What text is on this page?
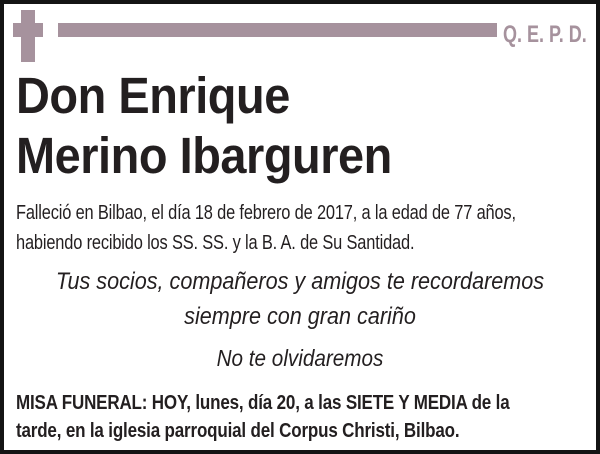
Q. E. P. D.
Don Enrique
Merino Ibarguren
Falleció en Bilbao, el día 18 de febrero de 2017, a la edad de 77 años,
habiendo recibido los SS. SS. y la B. A. de Su Santidad.
Tus socios, compañeros y amigos te recordaremos
siempre con gran cariño
No te olvidaremos
MISA FUNERAL: HOY, lunes, día 20, a las SIETE Y MEDIA de la
tarde, en la iglesia parroquial del Corpus Christi, Bilbao.
